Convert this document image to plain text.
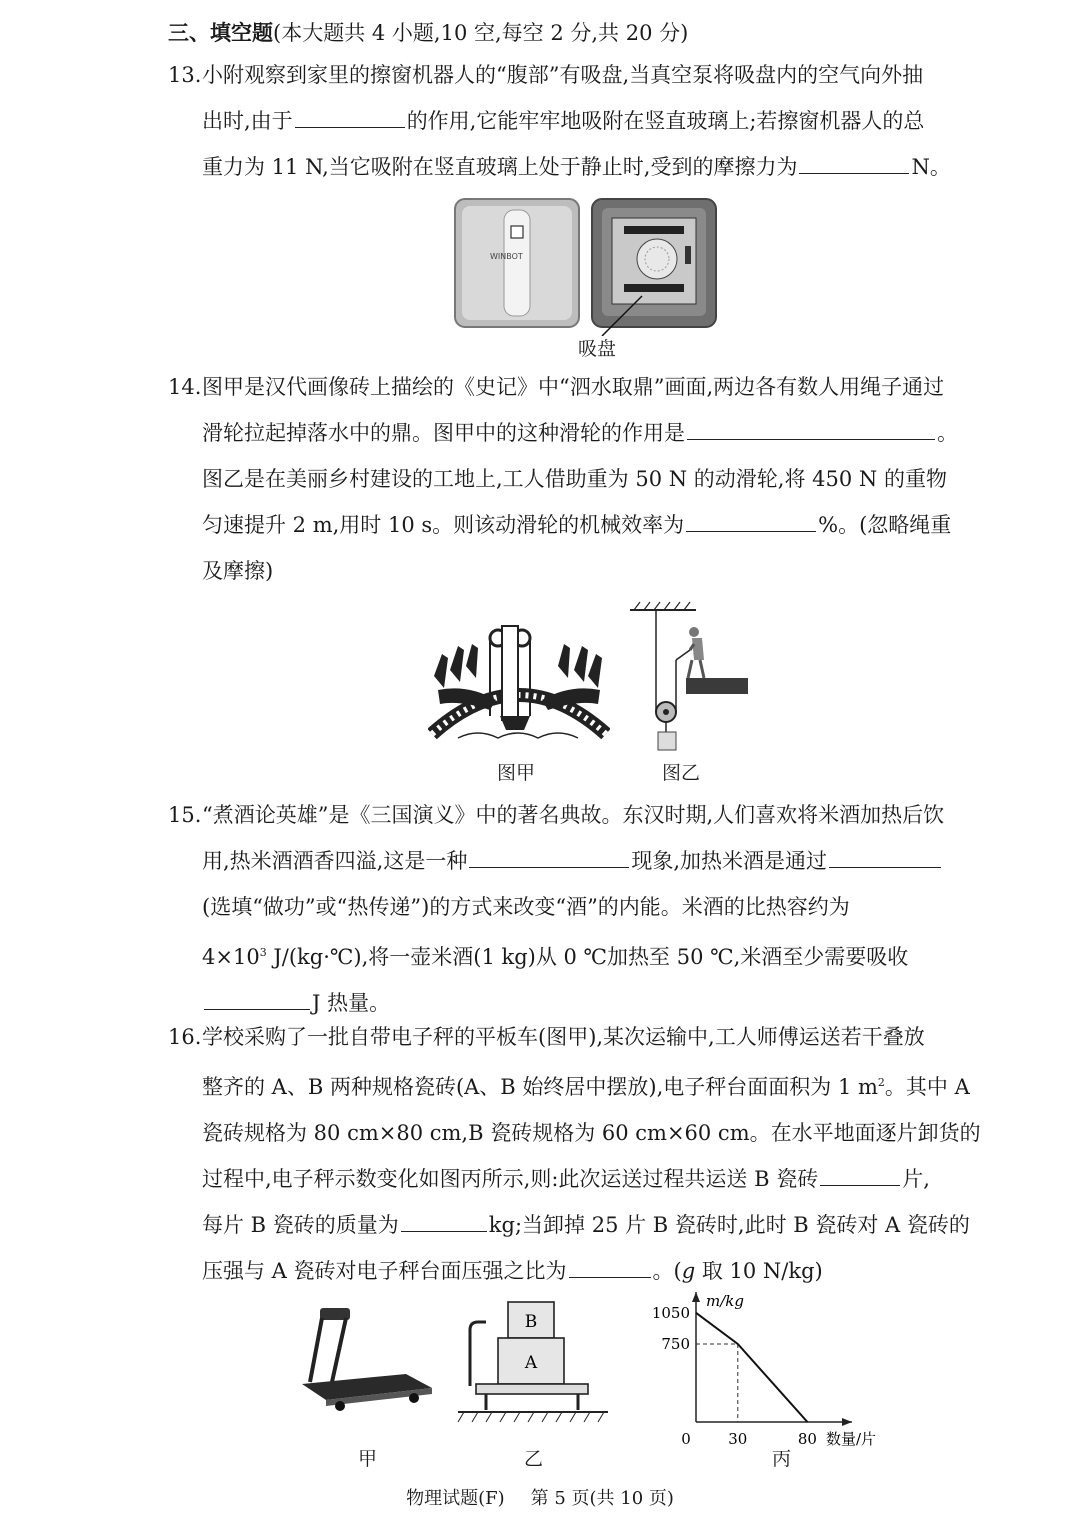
三、填空题(本大题共 4 小题,10 空,每空 2 分,共 20 分)
13. 小附观察到家里的擦窗机器人的“腹部”有吸盘,当真空泵将吸盘内的空气向外抽
出时,由于	的作用,它能牢牢地吸附在竖直玻璃上;若擦窗机器人的总
重力为 11 N,当它吸附在竖直玻璃上处于静止时,受到的摩擦力为	N。
WINBOT
吸盘
14. 图甲是汉代画像砖上描绘的《史记》中“泗水取鼎”画面,两边各有数人用绳子通过
滑轮拉起掉落水中的鼎。图甲中的这种滑轮的作用是	。
图乙是在美丽乡村建设的工地上,工人借助重为 50 N 的动滑轮,将 450 N 的重物
匀速提升 2 m,用时 10 s。则该动滑轮的机械效率为	%。(忽略绳重
及摩擦)
图甲	图乙
15. “煮酒论英雄”是《三国演义》中的著名典故。东汉时期,人们喜欢将米酒加热后饮
用,热米酒酒香四溢,这是一种	现象,加热米酒是通过
(选填“做功”或“热传递”)的方式来改变“酒”的内能。米酒的比热容约为
$4\times 10^3$ J/(kg·℃),将一壶米酒(1 kg)从 0 ℃加热至 50 ℃,米酒至少需要吸收
J 热量。
16. 学校采购了一批自带电子秤的平板车(图甲),某次运输中,工人师傅运送若干叠放
整齐的 A、B 两种规格瓷砖(A、B 始终居中摆放),电子秤台面面积为 1 $m^2$。其中 A
瓷砖规格为 80 cm×80 cm,B 瓷砖规格为 60 cm×60 cm。在水平地面逐片卸货的
过程中,电子秤示数变化如图丙所示,则:此次运送过程共运送 B 瓷砖	片,
每片 B 瓷砖的质量为	kg;当卸掉 25 片 B 瓷砖时,此时 B 瓷砖对 A 瓷砖的
压强与 A 瓷砖对电子秤台面压强之比为	。(g 取 10 N/kg)
甲
B
A
乙
m/kg
数量/片
1050
750
0 30	80
丙
物理试题(F) 第 5 页(共 10 页)
